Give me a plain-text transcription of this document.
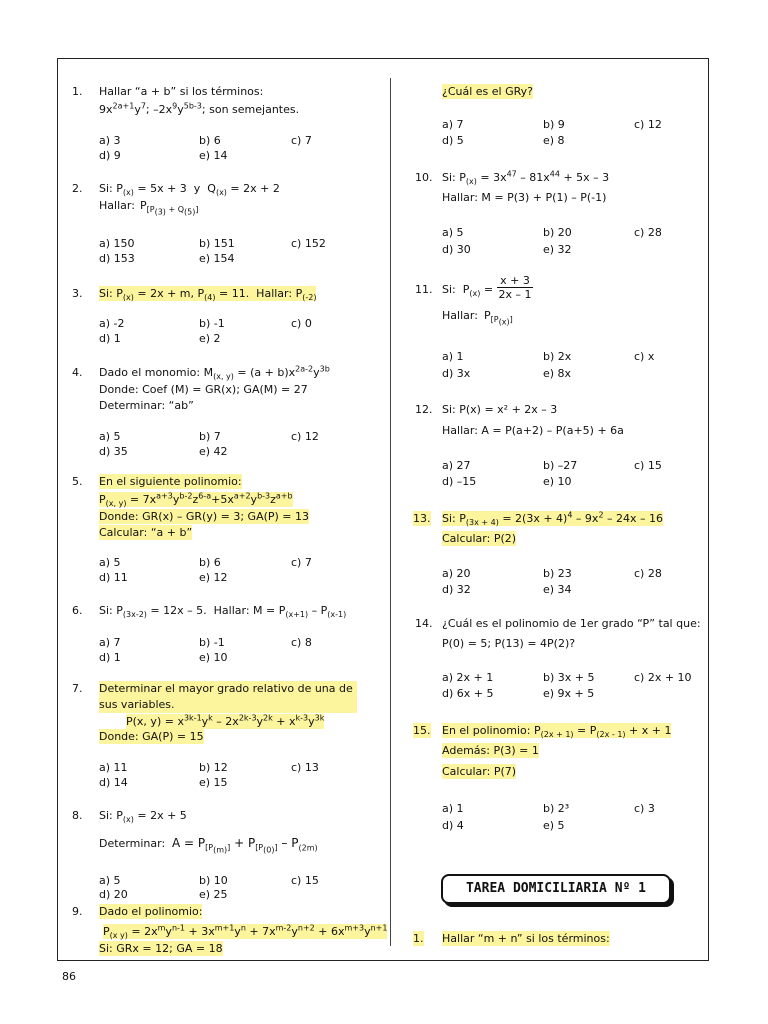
1. Hallar “a + b” si los términos:
$9x^{2a+1}y^7$; $-2x^9y^{5b-3}$; son semejantes.
a) 3	b) 6	c) 7
d) 9	e) 14
2. Si: $P_{(x)} = 5x + 3$  y  $Q_{(x)} = 2x + 2$
Hallar: $P_{[P_{(3)} + Q_{(5)}]}$
a) 150	b) 151	c) 152
d) 153	e) 154
3. Si: $P_{(x)} = 2x + m$, $P_{(4)} = 11$.  Hallar: $P_{(-2)}$
a) -2	b) -1	c) 0
d) 1	e) 2
4. Dado el monomio: $M_{(x, y)} = (a + b)x^{2a-2}y^{3b}$
Donde: Coef (M) = GR(x); GA(M) = 27
Determinar: “ab”
a) 5	b) 7	c) 12
d) 35	e) 42
5. En el siguiente polinomio:
$P_{(x, y)} = 7x^{a+3}y^{b-2}z^{6-a}+5x^{a+2}y^{b-3}z^{a+b}$
Donde: GR(x) – GR(y) = 3; GA(P) = 13
Calcular: “a + b”
a) 5	b) 6	c) 7
d) 11	e) 12
6. Si: $P_{(3x-2)} = 12x - 5$.  Hallar: $M = P_{(x+1)} - P_{(x-1)}$
a) 7	b) -1	c) 8
d) 1	e) 10
7. Determinar el mayor grado relativo de una de sus variables.
P(x, $y) = x^{3k-1}y^k - 2x^{2k-3}y^{2k} + x^{k-3}y^{3k}$
Donde: GA(P) = 15
a) 11	b) 12	c) 13
d) 14	e) 15
8. Si: $P_{(x)} = 2x + 5$
Determinar: $A = P_{[P_{(m)}]} + P_{[P_{(0)}]} - P_{(2m)}$
a) 5	b) 10	c) 15
d) 20	e) 25
9. Dado el polinomio:
$P_{(x y)} = 2x^my^{n-1} + 3x^{m+1}y^n + 7x^{m-2}y^{n+2} + 6x^{m+3}y^{n+1}$
Si: GRx = 12; GA = 18
¿Cuál es el GRy?
a) 7	b) 9	c) 12
d) 5	e) 8
10. Si: $P_{(x)} = 3x^{47} - 81x^{44} + 5x - 3$
Hallar: M = P(3) + P(1) – P(-1)
a) 5	b) 20	c) 28
d) 30	e) 32
11. Si:  $P_{(x)} = \frac{x + 3}{2x - 1}$
Hallar: $P_{[P_{(x)}]}$
a) 1	b) 2x	c) x
d) 3x	e) 8x
12. Si: P(x) = x² + 2x – 3
Hallar: A = P(a+2) – P(a+5) + 6a
a) 27	b) –27	c) 15
d) –15	e) 10
13. Si: $P_{(3x + 4)} = 2(3x + 4)^4 - 9x^2 - 24x - 16$
Calcular: P(2)
a) 20	b) 23	c) 28
d) 32	e) 34
14. ¿Cuál es el polinomio de 1er grado “P” tal que:
P(0) = 5; P(13) = 4P(2)?
a) 2x + 1	b) 3x + 5	c) 2x + 10
d) 6x + 5	e) 9x + 5
15. En el polinomio: $P_{(2x + 1)} = P_{(2x - 1)} + x + 1$
Además: P(3) = 1
Calcular: P(7)
a) 1	b) 2³	c) 3
d) 4	e) 5
TAREA DOMICILIARIA Nº 1
1. Hallar “m + n” si los términos:
86
